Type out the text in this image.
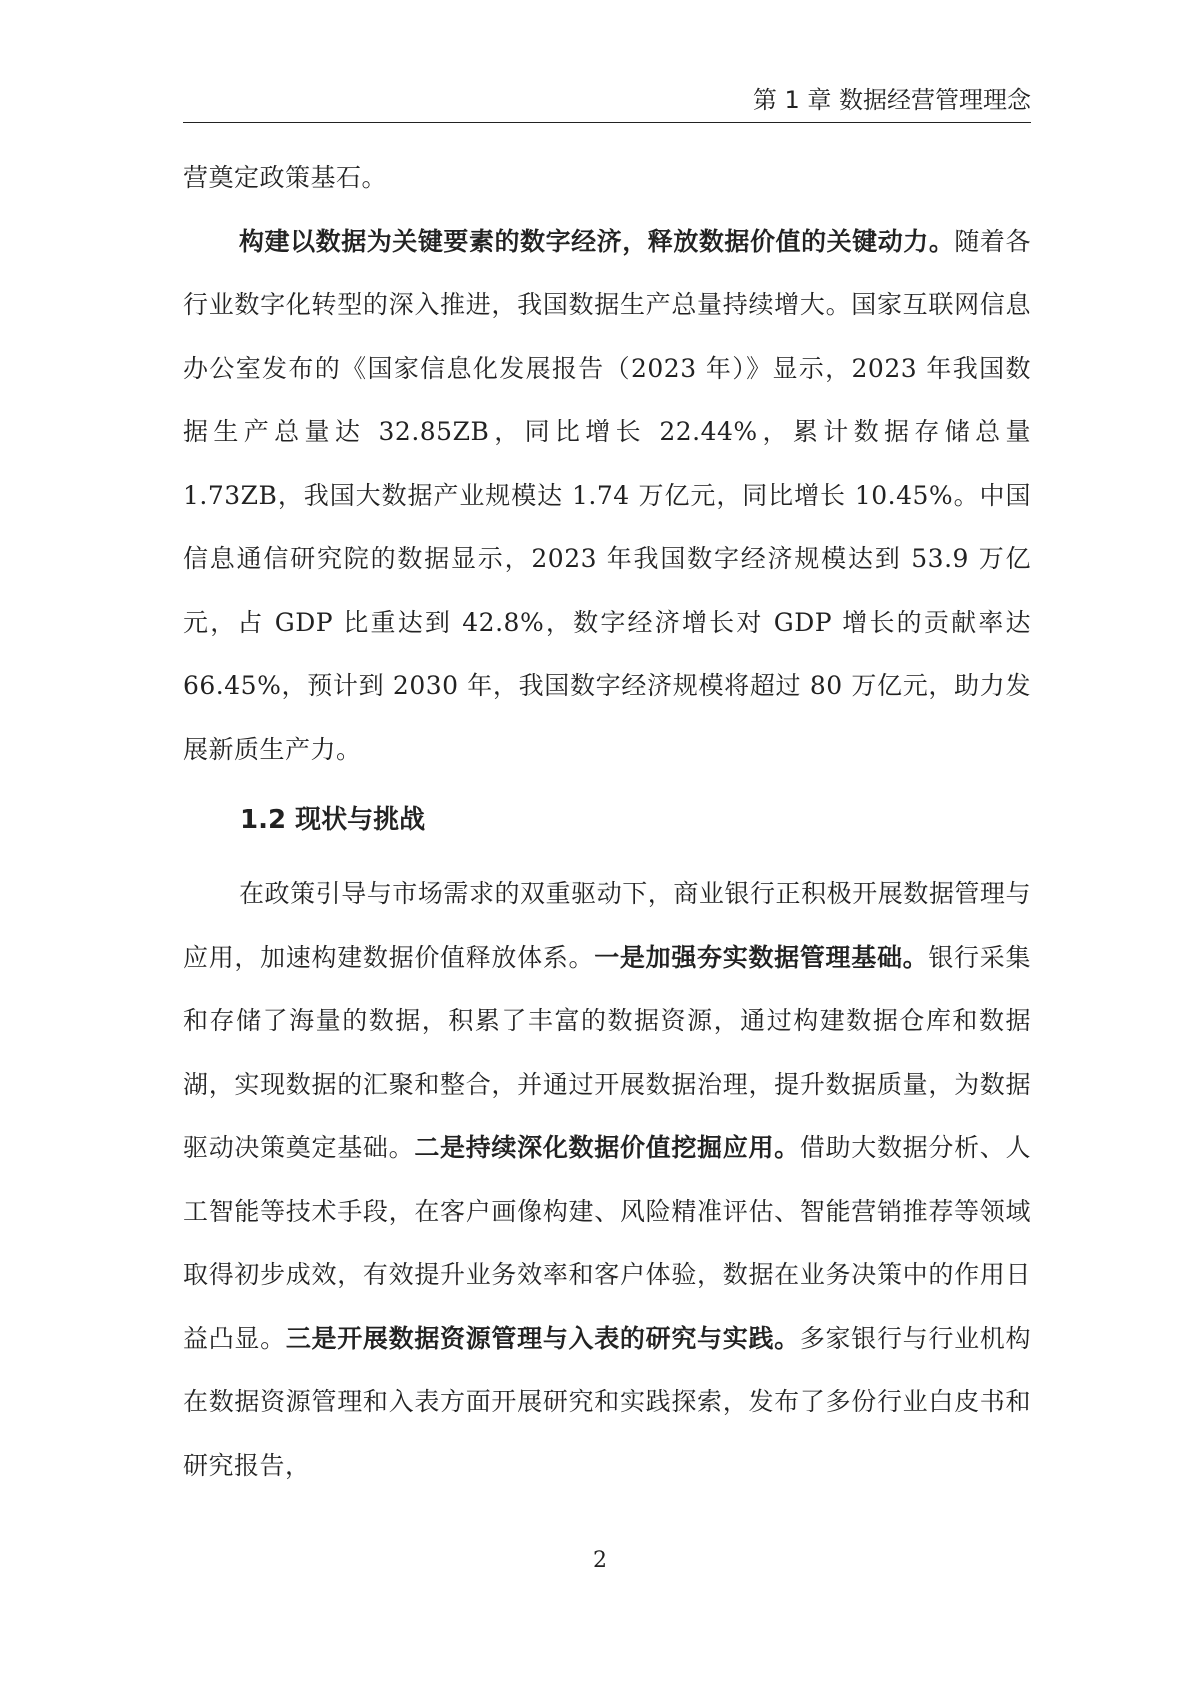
第 1 章 数据经营管理理念

营奠定政策基石。

构建以数据为关键要素的数字经济，释放数据价值的关键动力。随着各行业数字化转型的深入推进，我国数据生产总量持续增大。国家互联网信息办公室发布的《国家信息化发展报告（2023 年）》显示，2023 年我国数据生产总量达 32.85ZB，同比增长 22.44%，累计数据存储总量 1.73ZB，我国大数据产业规模达 1.74 万亿元，同比增长 10.45%。中国信息通信研究院的数据显示，2023 年我国数字经济规模达到 53.9 万亿元，占 GDP 比重达到 42.8%，数字经济增长对 GDP 增长的贡献率达 66.45%，预计到 2030 年，我国数字经济规模将超过 80 万亿元，助力发展新质生产力。

1.2 现状与挑战

在政策引导与市场需求的双重驱动下，商业银行正积极开展数据管理与应用，加速构建数据价值释放体系。一是加强夯实数据管理基础。银行采集和存储了海量的数据，积累了丰富的数据资源，通过构建数据仓库和数据湖，实现数据的汇聚和整合，并通过开展数据治理，提升数据质量，为数据驱动决策奠定基础。二是持续深化数据价值挖掘应用。借助大数据分析、人工智能等技术手段，在客户画像构建、风险精准评估、智能营销推荐等领域取得初步成效，有效提升业务效率和客户体验，数据在业务决策中的作用日益凸显。三是开展数据资源管理与入表的研究与实践。多家银行与行业机构在数据资源管理和入表方面开展研究和实践探索，发布了多份行业白皮书和研究报告，

2
